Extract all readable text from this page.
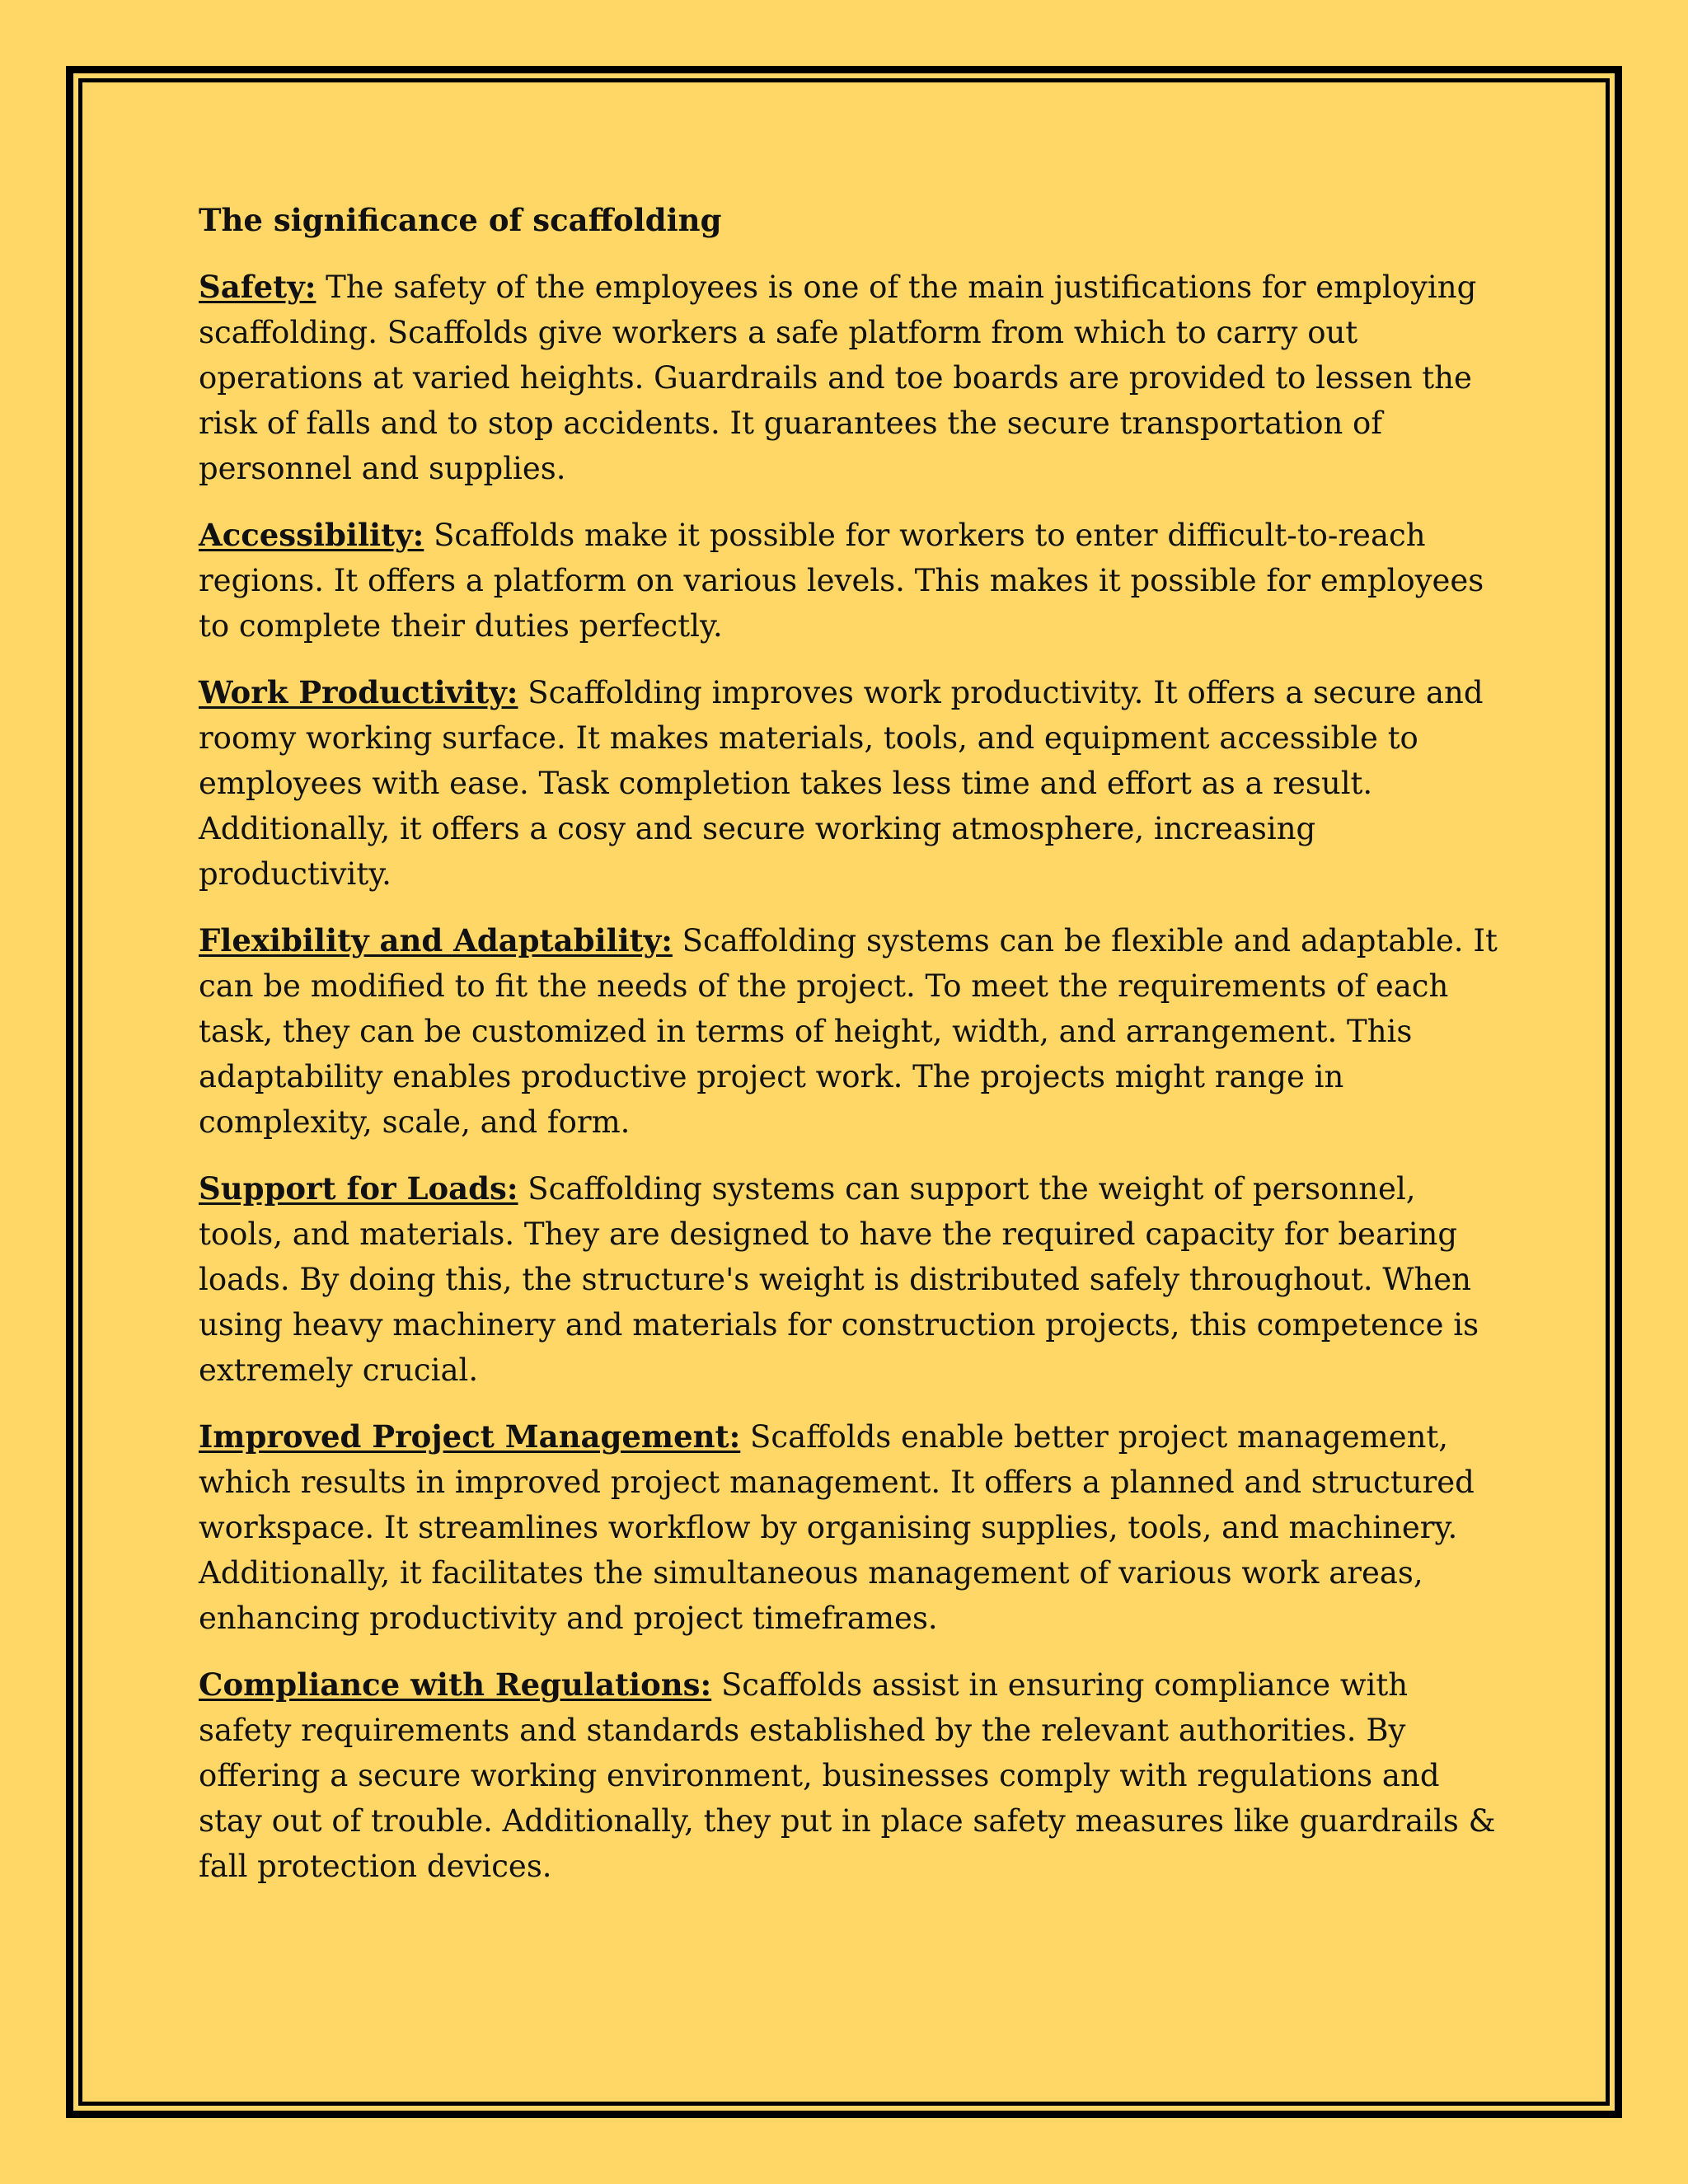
The significance of scaffolding

Safety: The safety of the employees is one of the main justifications for employing scaffolding. Scaffolds give workers a safe platform from which to carry out operations at varied heights. Guardrails and toe boards are provided to lessen the risk of falls and to stop accidents. It guarantees the secure transportation of personnel and supplies.

Accessibility: Scaffolds make it possible for workers to enter difficult-to-reach regions. It offers a platform on various levels. This makes it possible for employees to complete their duties perfectly.

Work Productivity: Scaffolding improves work productivity. It offers a secure and roomy working surface. It makes materials, tools, and equipment accessible to employees with ease. Task completion takes less time and effort as a result. Additionally, it offers a cosy and secure working atmosphere, increasing productivity.

Flexibility and Adaptability: Scaffolding systems can be flexible and adaptable. It can be modified to fit the needs of the project. To meet the requirements of each task, they can be customized in terms of height, width, and arrangement. This adaptability enables productive project work. The projects might range in complexity, scale, and form.

Support for Loads: Scaffolding systems can support the weight of personnel, tools, and materials. They are designed to have the required capacity for bearing loads. By doing this, the structure's weight is distributed safely throughout. When using heavy machinery and materials for construction projects, this competence is extremely crucial.

Improved Project Management: Scaffolds enable better project management, which results in improved project management. It offers a planned and structured workspace. It streamlines workflow by organising supplies, tools, and machinery. Additionally, it facilitates the simultaneous management of various work areas, enhancing productivity and project timeframes.

Compliance with Regulations: Scaffolds assist in ensuring compliance with safety requirements and standards established by the relevant authorities. By offering a secure working environment, businesses comply with regulations and stay out of trouble. Additionally, they put in place safety measures like guardrails & fall protection devices.
